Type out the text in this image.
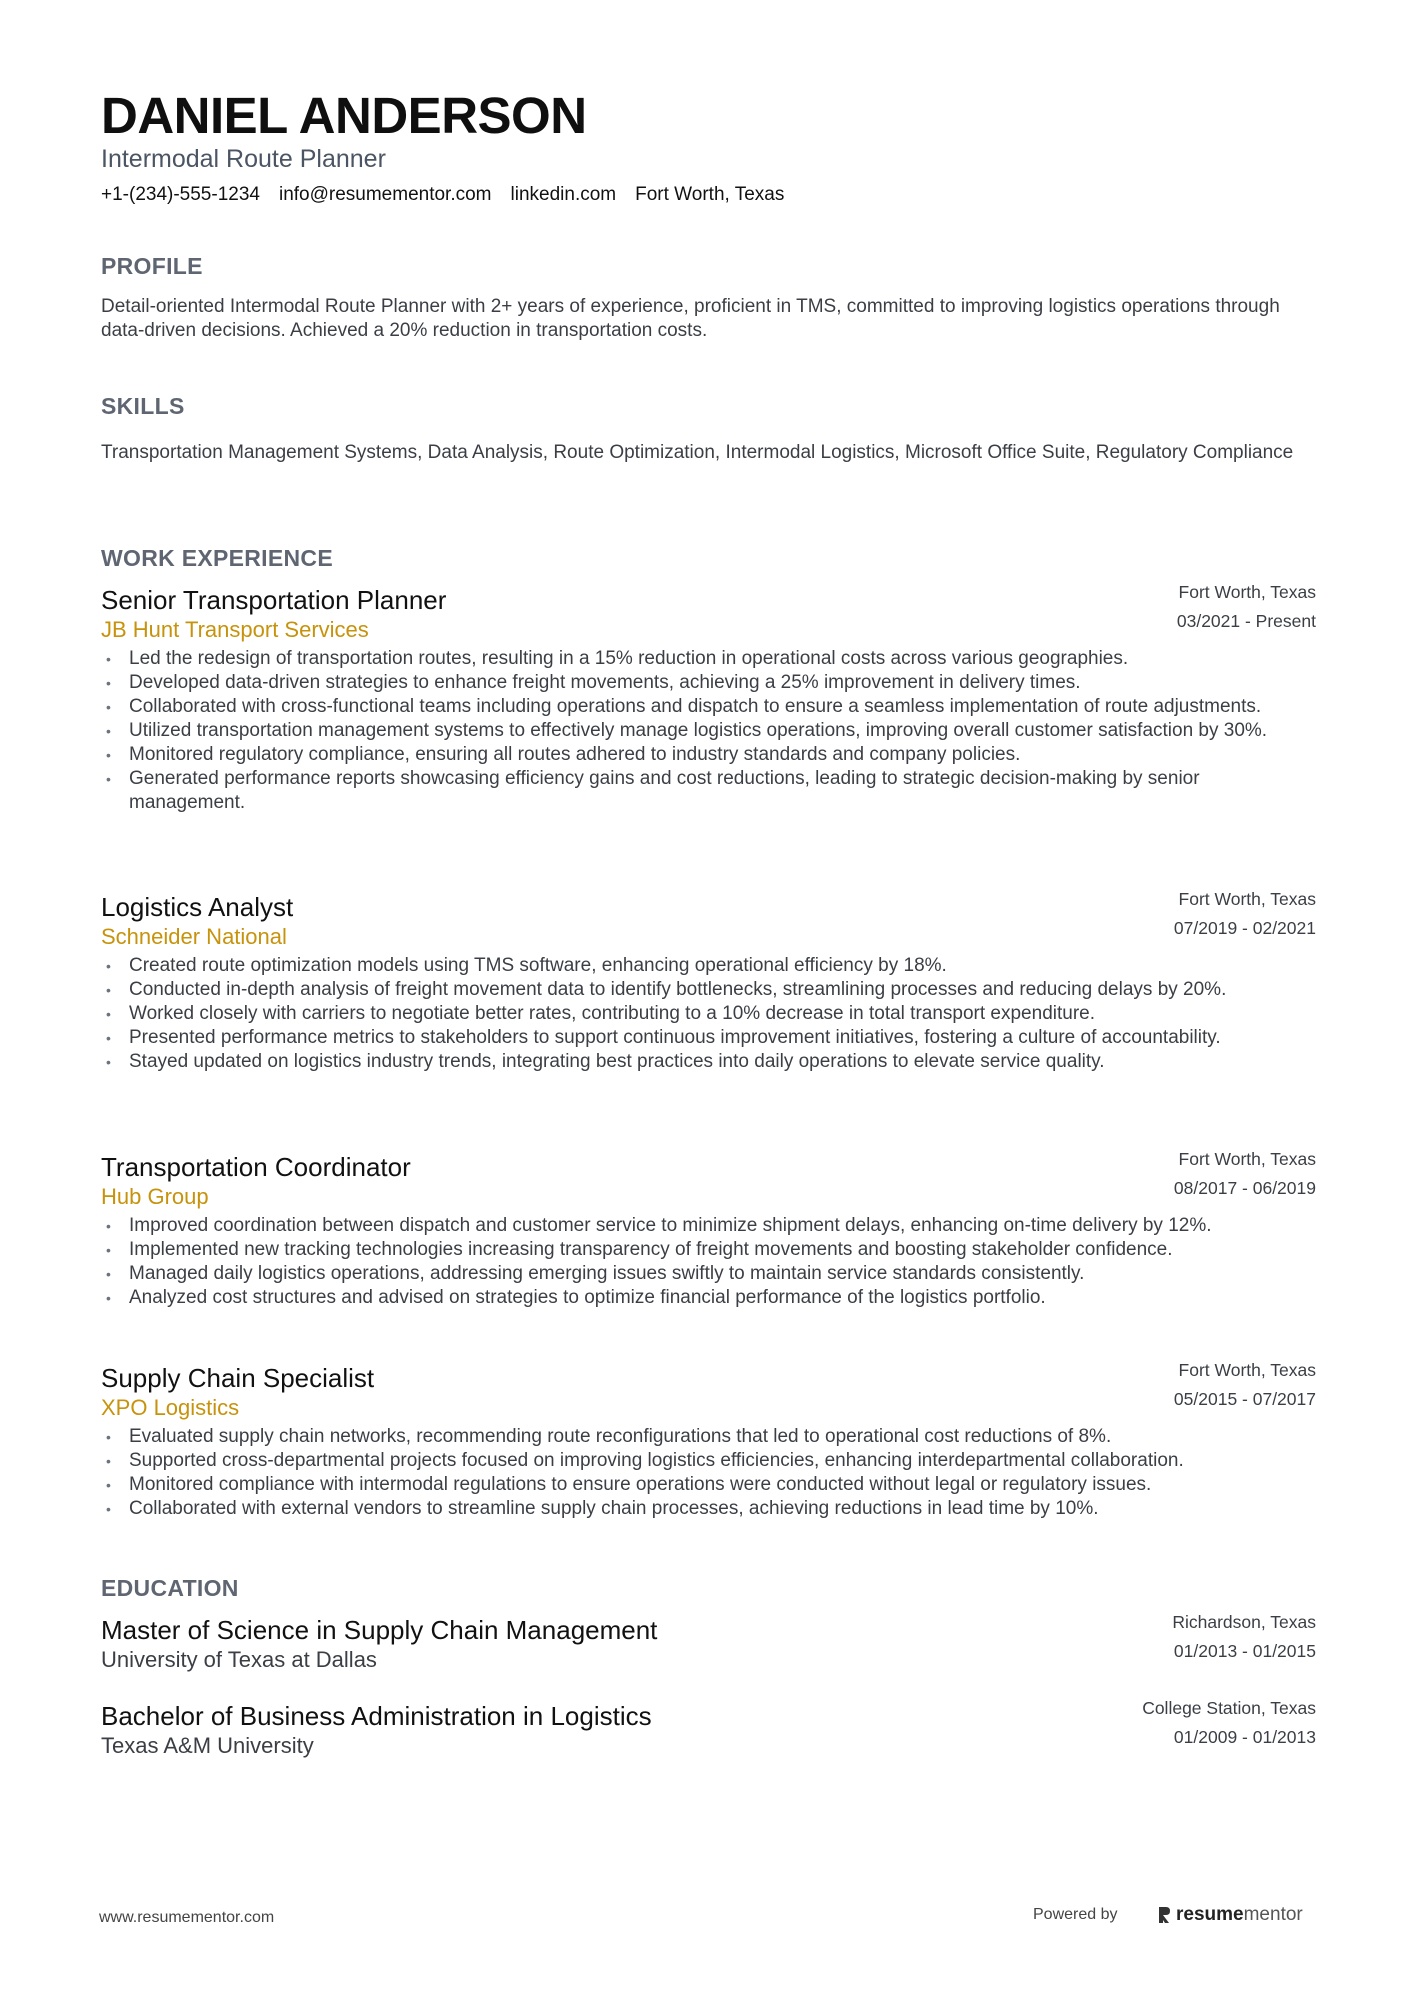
DANIEL ANDERSON
Intermodal Route Planner
+1-(234)-555-1234 info@resumementor.com linkedin.com Fort Worth, Texas
PROFILE
Detail-oriented Intermodal Route Planner with 2+ years of experience, proficient in TMS, committed to improving logistics operations through data-driven decisions. Achieved a 20% reduction in transportation costs.
SKILLS
Transportation Management Systems, Data Analysis, Route Optimization, Intermodal Logistics, Microsoft Office Suite, Regulatory Compliance
WORK EXPERIENCE
Senior Transportation Planner
JB Hunt Transport Services
Fort Worth, Texas
03/2021 - Present
• Led the redesign of transportation routes, resulting in a 15% reduction in operational costs across various geographies.
• Developed data-driven strategies to enhance freight movements, achieving a 25% improvement in delivery times.
• Collaborated with cross-functional teams including operations and dispatch to ensure a seamless implementation of route adjustments.
• Utilized transportation management systems to effectively manage logistics operations, improving overall customer satisfaction by 30%.
• Monitored regulatory compliance, ensuring all routes adhered to industry standards and company policies.
• Generated performance reports showcasing efficiency gains and cost reductions, leading to strategic decision-making by senior management.
Logistics Analyst
Schneider National
Fort Worth, Texas
07/2019 - 02/2021
• Created route optimization models using TMS software, enhancing operational efficiency by 18%.
• Conducted in-depth analysis of freight movement data to identify bottlenecks, streamlining processes and reducing delays by 20%.
• Worked closely with carriers to negotiate better rates, contributing to a 10% decrease in total transport expenditure.
• Presented performance metrics to stakeholders to support continuous improvement initiatives, fostering a culture of accountability.
• Stayed updated on logistics industry trends, integrating best practices into daily operations to elevate service quality.
Transportation Coordinator
Hub Group
Fort Worth, Texas
08/2017 - 06/2019
• Improved coordination between dispatch and customer service to minimize shipment delays, enhancing on-time delivery by 12%.
• Implemented new tracking technologies increasing transparency of freight movements and boosting stakeholder confidence.
• Managed daily logistics operations, addressing emerging issues swiftly to maintain service standards consistently.
• Analyzed cost structures and advised on strategies to optimize financial performance of the logistics portfolio.
Supply Chain Specialist
XPO Logistics
Fort Worth, Texas
05/2015 - 07/2017
• Evaluated supply chain networks, recommending route reconfigurations that led to operational cost reductions of 8%.
• Supported cross-departmental projects focused on improving logistics efficiencies, enhancing interdepartmental collaboration.
• Monitored compliance with intermodal regulations to ensure operations were conducted without legal or regulatory issues.
• Collaborated with external vendors to streamline supply chain processes, achieving reductions in lead time by 10%.
EDUCATION
Master of Science in Supply Chain Management
University of Texas at Dallas
Richardson, Texas
01/2013 - 01/2015
Bachelor of Business Administration in Logistics
Texas A&M University
College Station, Texas
01/2009 - 01/2013
www.resumementor.com	Powered by	resume mentor
